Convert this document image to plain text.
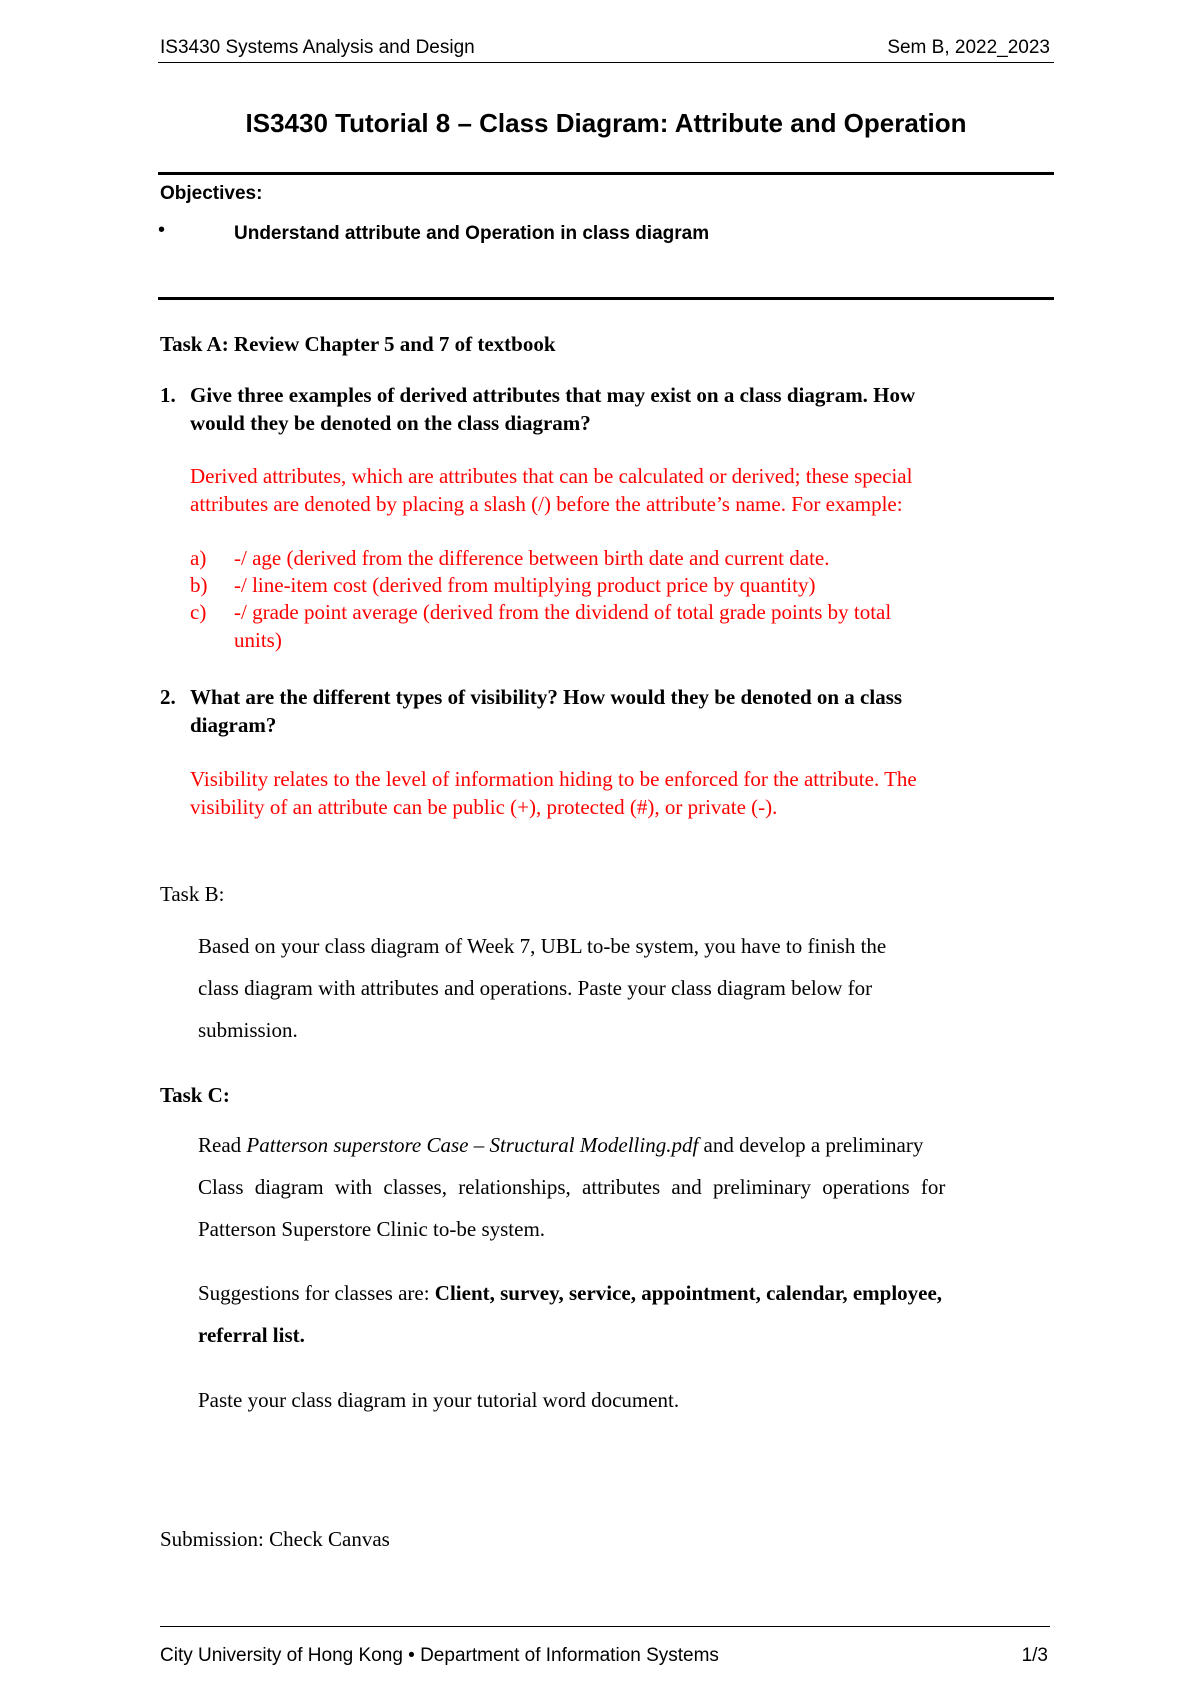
IS3430 Systems Analysis and Design	Sem B, 2022_2023
IS3430 Tutorial 8 – Class Diagram: Attribute and Operation
Objectives:
•	Understand attribute and Operation in class diagram
Task A: Review Chapter 5 and 7 of textbook
1. Give three examples of derived attributes that may exist on a class diagram. How
would they be denoted on the class diagram?
Derived attributes, which are attributes that can be calculated or derived; these special
attributes are denoted by placing a slash (/) before the attribute’s name. For example:
a) -/ age (derived from the difference between birth date and current date.
b) -/ line-item cost (derived from multiplying product price by quantity)
c) -/ grade point average (derived from the dividend of total grade points by total
units)
2. What are the different types of visibility? How would they be denoted on a class
diagram?
Visibility relates to the level of information hiding to be enforced for the attribute. The
visibility of an attribute can be public (+), protected (#), or private (-).
Task B:
Based on your class diagram of Week 7, UBL to-be system, you have to finish the
class diagram with attributes and operations. Paste your class diagram below for
submission.
Task C:
Read Patterson superstore Case – Structural Modelling.pdf and develop a preliminary
Class diagram with classes, relationships, attributes and preliminary operations for
Patterson Superstore Clinic to-be system.
Suggestions for classes are: Client, survey, service, appointment, calendar, employee,
referral list.
Paste your class diagram in your tutorial word document.
Submission: Check Canvas
City University of Hong Kong • Department of Information Systems	1/3
